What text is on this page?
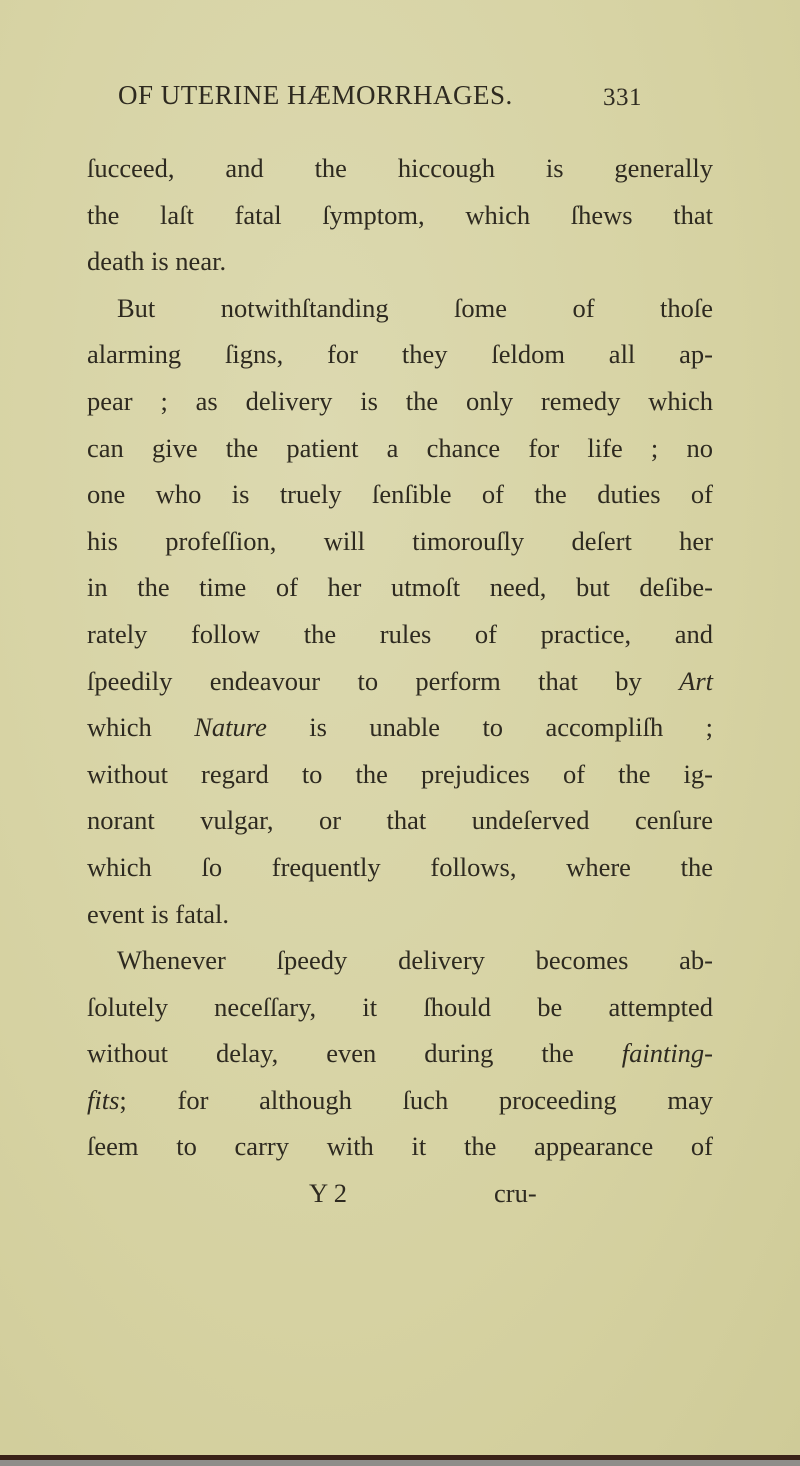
OF UTERINE HÆMORRHAGES.	331
ſucceed, and the hiccough is generally
the laſt fatal ſymptom, which ſhews that
death is near.
But notwithſtanding ſome of thoſe
alarming ſigns, for they ſeldom all ap-
pear ; as delivery is the only remedy which
can give the patient a chance for life ; no
one who is truely ſenſible of the duties of
his profeſſion, will timorouſly deſert her
in the time of her utmoſt need, but deſibe-
rately follow the rules of practice, and
ſpeedily endeavour to perform that by Art
which Nature is unable to accompliſh ;
without regard to the prejudices of the ig-
norant vulgar, or that undeſerved cenſure
which ſo frequently follows, where the
event is fatal.
Whenever ſpeedy delivery becomes ab-
ſolutely neceſſary, it ſhould be attempted
without delay, even during the fainting-
fits; for although ſuch proceeding may
ſeem to carry with it the appearance of
Y 2	cru-
